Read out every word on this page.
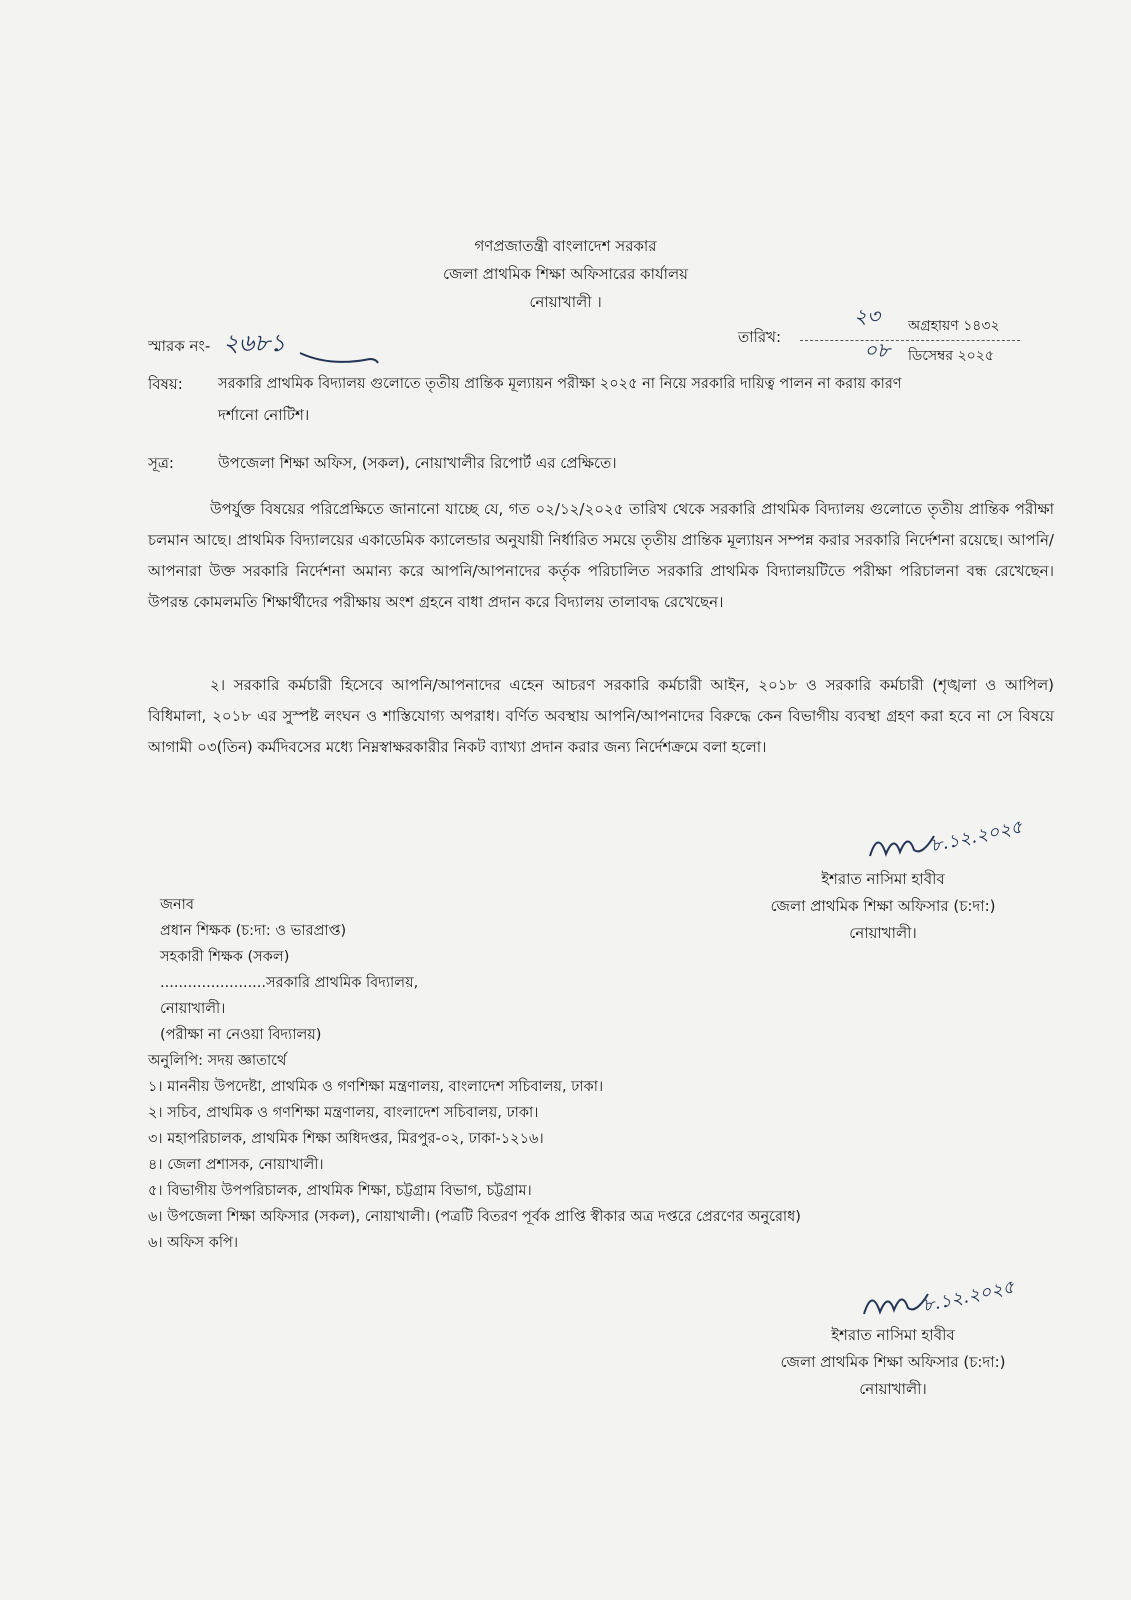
গণপ্রজাতন্ত্রী বাংলাদেশ সরকার
জেলা প্রাথমিক শিক্ষা অফিসারের কার্যালয়
নোয়াখালী ।
স্মারক নং- ২৬৮১	তারিখ:
২৩ অগ্রহায়ণ ১৪৩২
০৮ ডিসেম্বর ২০২৫
বিষয়: সরকারি প্রাথমিক বিদ্যালয় গুলোতে তৃতীয় প্রান্তিক মূল্যায়ন পরীক্ষা ২০২৫ না নিয়ে সরকারি দায়িত্ব পালন না করায় কারণ
দর্শানো নোটিশ।
সূত্র:	উপজেলা শিক্ষা অফিস, (সকল), নোয়াখালীর রিপোর্ট এর প্রেক্ষিতে।
উপর্যুক্ত বিষয়ের পরিপ্রেক্ষিতে জানানো যাচ্ছে যে, গত ০২/১২/২০২৫ তারিখ থেকে সরকারি প্রাথমিক বিদ্যালয় গুলোতে তৃতীয় প্রান্তিক পরীক্ষা চলমান আছে। প্রাথমিক বিদ্যালয়ের একাডেমিক ক্যালেন্ডার অনুযায়ী নির্ধারিত সময়ে তৃতীয় প্রান্তিক মূল্যায়ন সম্পন্ন করার সরকারি নির্দেশনা রয়েছে। আপনি/আপনারা উক্ত সরকারি নির্দেশনা অমান্য করে আপনি/আপনাদের কর্তৃক পরিচালিত সরকারি প্রাথমিক বিদ্যালয়টিতে পরীক্ষা পরিচালনা বন্ধ রেখেছেন। উপরন্ত কোমলমতি শিক্ষার্থীদের পরীক্ষায় অংশ গ্রহনে বাধা প্রদান করে বিদ্যালয় তালাবদ্ধ রেখেছেন।
২। সরকারি কর্মচারী হিসেবে আপনি/আপনাদের এহেন আচরণ সরকারি কর্মচারী আইন, ২০১৮ ও সরকারি কর্মচারী (শৃঙ্খলা ও আপিল) বিধিমালা, ২০১৮ এর সুস্পষ্ট লংঘন ও শাস্তিযোগ্য অপরাধ। বর্ণিত অবস্থায় আপনি/আপনাদের বিরুদ্ধে কেন বিভাগীয় ব্যবস্থা গ্রহণ করা হবে না সে বিষয়ে আগামী ০৩(তিন) কর্মদিবসের মধ্যে নিম্নস্বাক্ষরকারীর নিকট ব্যাখ্যা প্রদান করার জন্য নির্দেশক্রমে বলা হলো।
৮.১২.২০২৫
ইশরাত নাসিমা হাবীব
জেলা প্রাথমিক শিক্ষা অফিসার (চ:দা:)
নোয়াখালী।
জনাব
প্রধান শিক্ষক (চ:দা: ও ভারপ্রাপ্ত)
সহকারী শিক্ষক (সকল)
.......................সরকারি প্রাথমিক বিদ্যালয়,
নোয়াখালী।
(পরীক্ষা না নেওয়া বিদ্যালয়)
অনুলিপি: সদয় জ্ঞাতার্থে
১। মাননীয় উপদেষ্টা, প্রাথমিক ও গণশিক্ষা মন্ত্রণালয়, বাংলাদেশ সচিবালয়, ঢাকা।
২। সচিব, প্রাথমিক ও গণশিক্ষা মন্ত্রণালয়, বাংলাদেশ সচিবালয়, ঢাকা।
৩। মহাপরিচালক, প্রাথমিক শিক্ষা অধিদপ্তর, মিরপুর-০২, ঢাকা-১২১৬।
৪। জেলা প্রশাসক, নোয়াখালী।
৫। বিভাগীয় উপপরিচালক, প্রাথমিক শিক্ষা, চট্টগ্রাম বিভাগ, চট্টগ্রাম।
৬। উপজেলা শিক্ষা অফিসার (সকল), নোয়াখালী। (পত্রটি বিতরণ পূর্বক প্রাপ্তি স্বীকার অত্র দপ্তরে প্রেরণের অনুরোধ)
৬। অফিস কপি।
৮.১২.২০২৫
ইশরাত নাসিমা হাবীব
জেলা প্রাথমিক শিক্ষা অফিসার (চ:দা:)
নোয়াখালী।
